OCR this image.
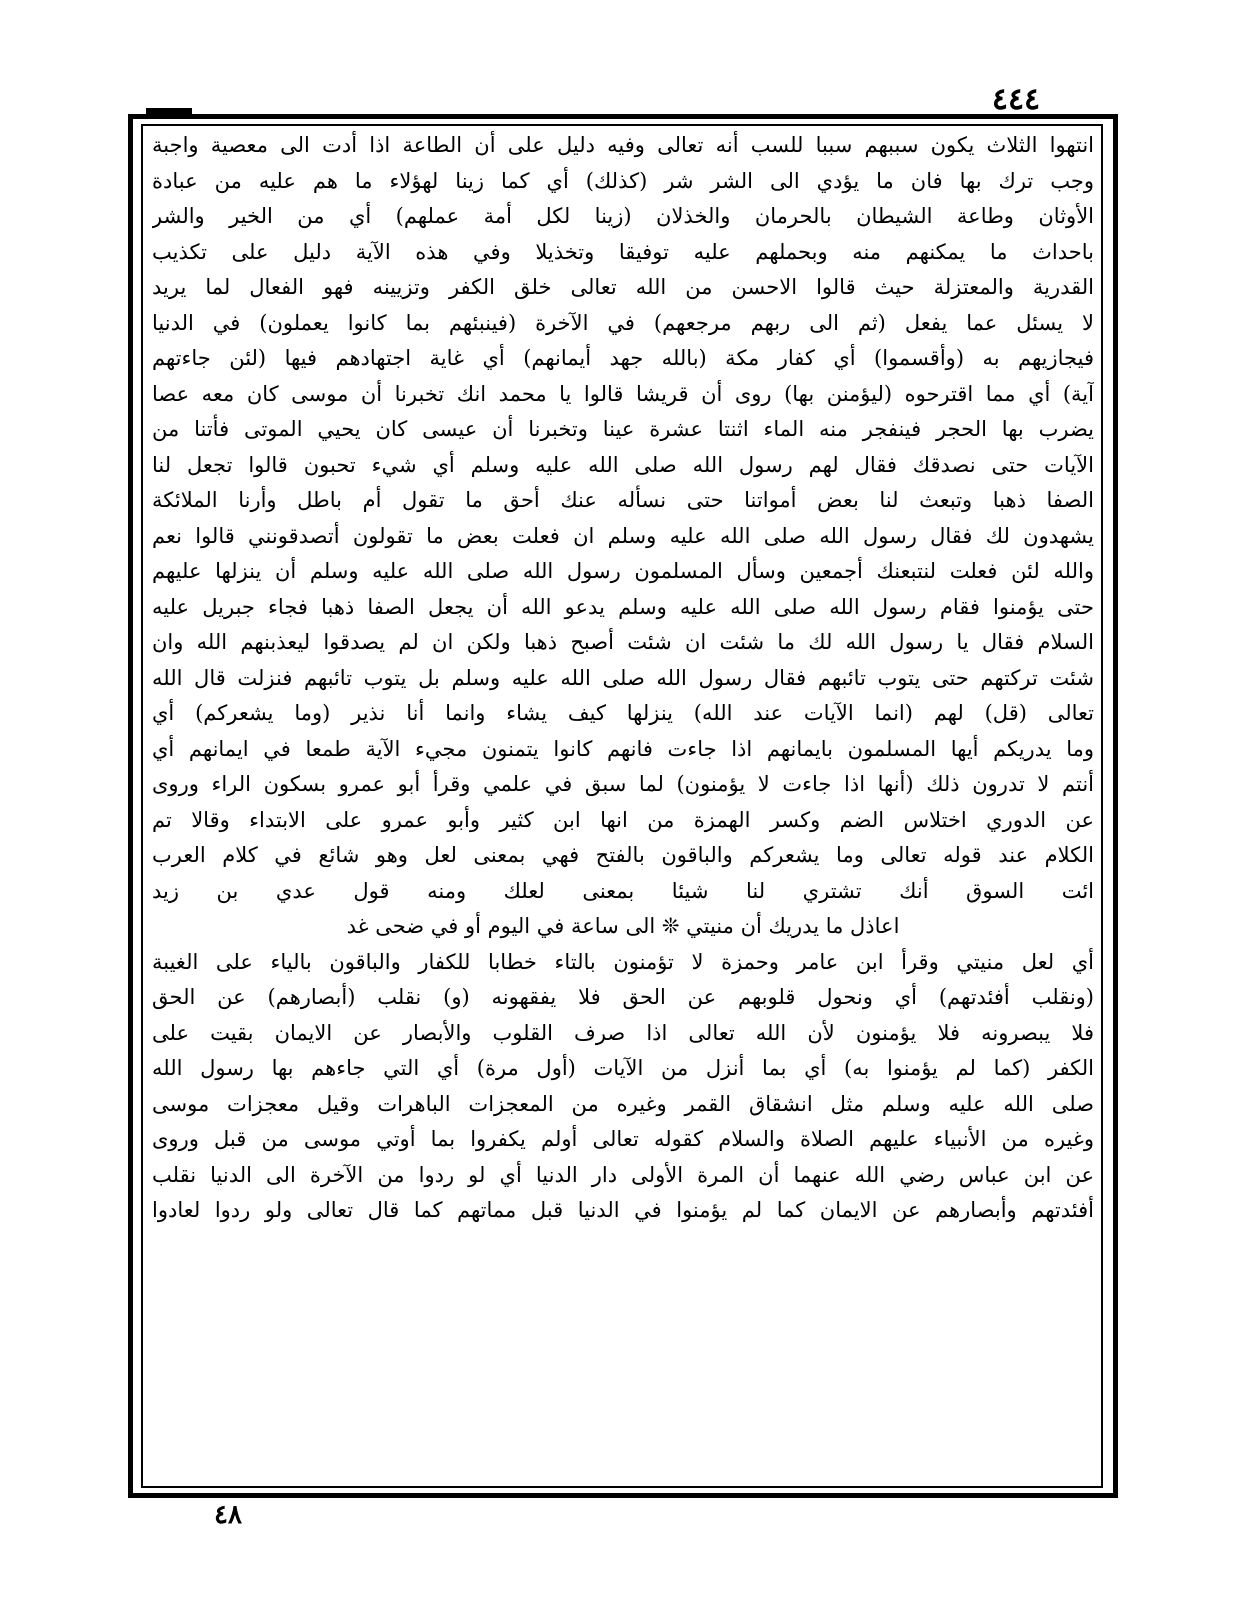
٤٤٤
انتهوا الثلاث يكون سببهم سببا للسب أنه تعالى وفيه دليل على أن الطاعة اذا أدت الى معصية واجبة
وجب ترك بها فان ما يؤدي الى الشر شر (كذلك) أي كما زينا لهؤلاء ما هم عليه من عبادة
الأوثان وطاعة الشيطان بالحرمان والخذلان (زينا لكل أمة عملهم) أي من الخير والشر
باحداث ما يمكنهم منه وبحملهم عليه توفيقا وتخذيلا وفي هذه الآية دليل على تكذيب
القدرية والمعتزلة حيث قالوا الاحسن من الله تعالى خلق الكفر وتزيينه فهو الفعال لما يريد
لا يسئل عما يفعل (ثم الى ربهم مرجعهم) في الآخرة (فينبئهم بما كانوا يعملون) في الدنيا
فيجازيهم به (وأقسموا) أي كفار مكة (بالله جهد أيمانهم) أي غاية اجتهادهم فيها (لئن جاءتهم
آية) أي مما اقترحوه (ليؤمنن بها) روى أن قريشا قالوا يا محمد انك تخبرنا أن موسى كان معه عصا
يضرب بها الحجر فينفجر منه الماء اثنتا عشرة عينا وتخبرنا أن عيسى كان يحيي الموتى فأتنا من
الآيات حتى نصدقك فقال لهم رسول الله صلى الله عليه وسلم أي شيء تحبون قالوا تجعل لنا
الصفا ذهبا وتبعث لنا بعض أمواتنا حتى نسأله عنك أحق ما تقول أم باطل وأرنا الملائكة
يشهدون لك فقال رسول الله صلى الله عليه وسلم ان فعلت بعض ما تقولون أتصدقونني قالوا نعم
والله لئن فعلت لنتبعنك أجمعين وسأل المسلمون رسول الله صلى الله عليه وسلم أن ينزلها عليهم
حتى يؤمنوا فقام رسول الله صلى الله عليه وسلم يدعو الله أن يجعل الصفا ذهبا فجاء جبريل عليه
السلام فقال يا رسول الله لك ما شئت ان شئت أصبح ذهبا ولكن ان لم يصدقوا ليعذبنهم الله وان
شئت تركتهم حتى يتوب تائبهم فقال رسول الله صلى الله عليه وسلم بل يتوب تائبهم فنزلت قال الله
تعالى (قل) لهم (انما الآيات عند الله) ينزلها كيف يشاء وانما أنا نذير (وما يشعركم) أي
وما يدريكم أيها المسلمون بايمانهم اذا جاءت فانهم كانوا يتمنون مجيء الآية طمعا في ايمانهم أي
أنتم لا تدرون ذلك (أنها اذا جاءت لا يؤمنون) لما سبق في علمي وقرأ أبو عمرو بسكون الراء وروى
عن الدوري اختلاس الضم وكسر الهمزة من انها ابن كثير وأبو عمرو على الابتداء وقالا تم
الكلام عند قوله تعالى وما يشعركم والباقون بالفتح فهي بمعنى لعل وهو شائع في كلام العرب
ائت السوق أنك تشتري لنا شيئا بمعنى لعلك ومنه قول عدي بن زيد
اعاذل ما يدريك أن منيتي ❊ الى ساعة في اليوم أو في ضحى غد
أي لعل منيتي وقرأ ابن عامر وحمزة لا تؤمنون بالتاء خطابا للكفار والباقون بالياء على الغيبة
(ونقلب أفئدتهم) أي ونحول قلوبهم عن الحق فلا يفقهونه (و) نقلب (أبصارهم) عن الحق
فلا يبصرونه فلا يؤمنون لأن الله تعالى اذا صرف القلوب والأبصار عن الايمان بقيت على
الكفر (كما لم يؤمنوا به) أي بما أنزل من الآيات (أول مرة) أي التي جاءهم بها رسول الله
صلى الله عليه وسلم مثل انشقاق القمر وغيره من المعجزات الباهرات وقيل معجزات موسى
وغيره من الأنبياء عليهم الصلاة والسلام كقوله تعالى أولم يكفروا بما أوتي موسى من قبل وروى
عن ابن عباس رضي الله عنهما أن المرة الأولى دار الدنيا أي لو ردوا من الآخرة الى الدنيا نقلب
أفئدتهم وأبصارهم عن الايمان كما لم يؤمنوا في الدنيا قبل مماتهم كما قال تعالى ولو ردوا لعادوا
٤٨
